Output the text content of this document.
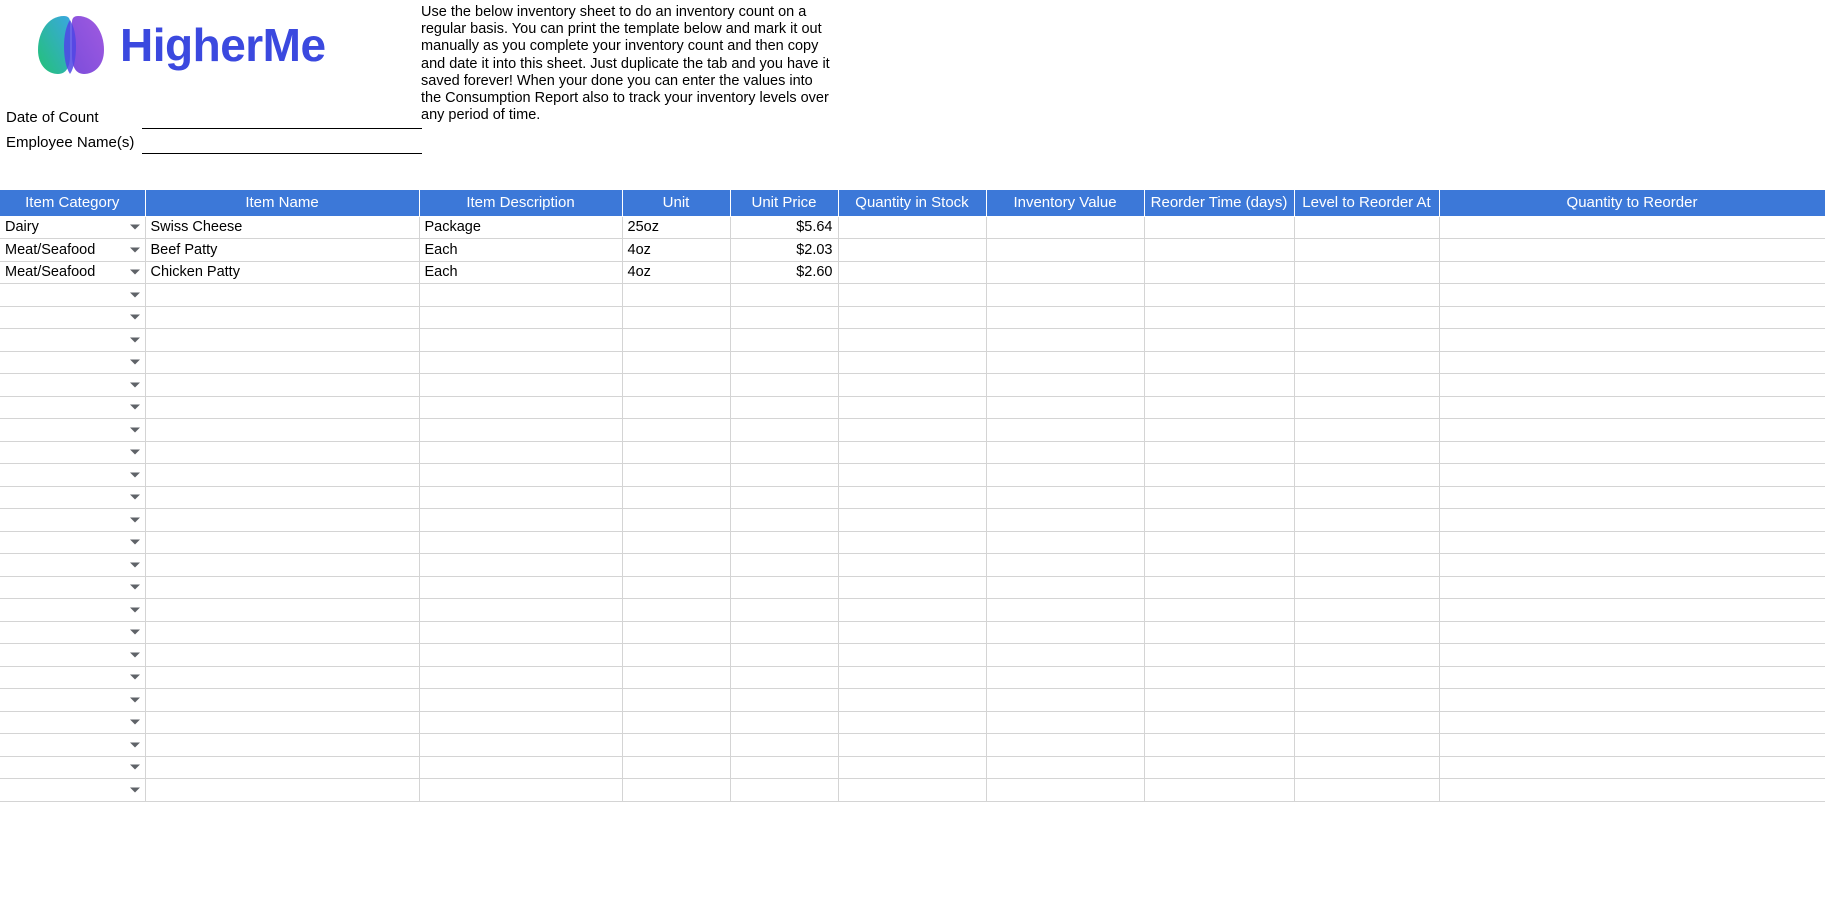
HigherMe
Use the below inventory sheet to do an inventory count on a regular basis. You can print the template below and mark it out manually as you complete your inventory count and then copy and date it into this sheet. Just duplicate the tab and you have it saved forever! When your done you can enter the values into the Consumption Report also to track your inventory levels over any period of time.
Date of Count
Employee Name(s)
Item Category	Item Name	Item Description	Unit	Unit Price	Quantity in Stock	Inventory Value	Reorder Time (days)	Level to Reorder At	Quantity to Reorder

Dairy	Swiss Cheese	Package	25oz	$5.64					

Meat/Seafood	Beef Patty	Each	4oz	$2.03					

Meat/Seafood	Chicken Patty	Each	4oz	$2.60					
